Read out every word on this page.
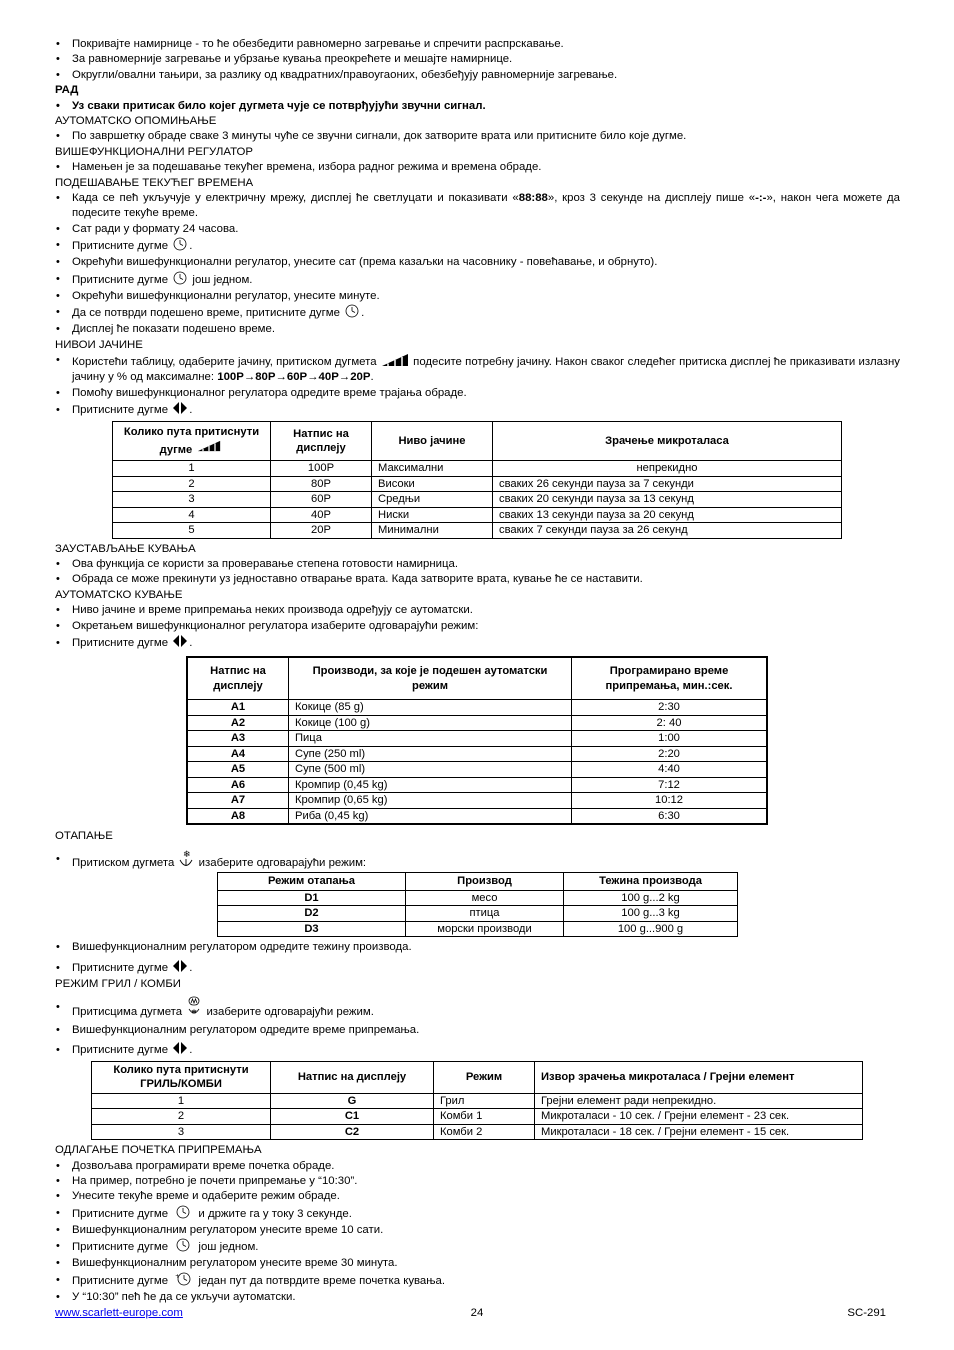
• Покривајте намирнице - то ће обезбедити равномерно загревање и спречити распрскавање.
• За равномерније загревање и убрзање кувања преокрећете и мешајте намирнице.
• Округли/овални тањири, за разлику од квадратних/правоугаоних, обезбеђују равномерније загревање.
РАД
• Уз сваки притисак било којег дугмета чује се потврђујући звучни сигнал.
АУТОМАТСКО ОПОМИЊАЊЕ
• По завршетку обраде сваке 3 минуты чуће се звучни сигнали, док затворите врата или притисните било које дугме.
ВИШЕФУНКЦИОНАЛНИ РЕГУЛАТОР
• Намењен је за подешавање текућег времена, избора радног режима и времена обраде.
ПОДЕШАВАЊЕ ТЕКУЋЕГ ВРЕМЕНА
• Када се пећ укључује у електричну мрежу, дисплеј ће светлуцати и показивати «88:88», кроз 3 секунде на дисплеју пише «-:-», након чега можете да подесите текуће време.
• Сат ради у формату 24 часова.
• Притисните дугме .
• Окрећући вишефункционални регулатор, унесите сат (према казаљки на часовнику - повећавање, и обрнуто).
• Притисните дугме још једном.
• Окрећући вишефункционални регулатор, унесите минуте.
• Да се потврди подешено време, притисните дугме .
• Дисплеј ће показати подешено време.
НИВОИ ЈАЧИНЕ
• Користећи таблицу, одаберите јачину, притиском дугмета	подесите потребну јачину. Након сваког следећег притиска дисплеј ће приказивати излазну јачину у % од максималне: 100P→80P→60P→40P→20P.
• Помоћу вишефункционалног регулатора одредите време трајања обраде.
• Притисните дугме .
Колико пута притиснути дугме	Натпис на дисплеју	Ниво јачине	Зрачење микроталаса
1	100P	Максимални	непрекидно
2	80P	Високи	сваких 26 секунди пауза за 7 секунди
3	60P	Средњи	сваких 20 секунди пауза за 13 секунд
4	40P	Ниски	сваких 13 секунди пауза за 20 секунд
5	20P	Минимални	сваких 7 секунди пауза за 26 секунд
ЗАУСТАВЉАЊЕ КУВАЊА
• Ова функција се користи за проверавање степена готовости намирница.
• Обрада се може прекинути уз једноставно отварање врата. Када затворите врата, кување ће се наставити.
АУТОМАТСКО КУВАЊЕ
• Ниво јачине и време припремања неких производа одређују се аутоматски.
• Окретањем вишефункционалног регулатора изаберите одговарајући режим:
• Притисните дугме .
Натпис на дисплеју	Производи, за које је подешен аутоматски режим	Програмирано време припремања, мин.:сек.
A1	Кокице (85 g)	2:30
A2	Кокице (100 g)	2: 40
A3	Пица	1:00
A4	Супе (250 ml)	2:20
A5	Супе (500 ml)	4:40
A6	Кромпир (0,45 kg)	7:12
A7	Кромпир (0,65 kg)	10:12
A8	Риба (0,45 kg)	6:30
ОТАПАЊЕ
• Притиском дугмета
❄
изаберите одговарајући режим:
Режим отапања	Производ	Тежина производа
D1	месо	100 g...2 kg
D2	птица	100 g...3 kg
D3	морски производи	100 g...900 g
• Вишефункционалним регулатором одредите тежину производа.
• Притисните дугме .
РЕЖИМ ГРИЛ / КОМБИ
• Притисцима дугмета изаберите одговарајући режим.
• Вишефункционалним регулатором одредите време припремања.
• Притисните дугме .
Колико пута притиснути ГРИЛЬ/КОМБИ	Натпис на дисплеју	Режим	Извор зрачења микроталаса / Грејни елемент
1	G	Грил	Грејни елемент ради непрекидно.
2	C1	Комби 1	Микроталаси - 10 сек. / Грејни елемент - 23 сек.
3	C2	Комби 2	Микроталаси - 18 сек. / Грејни елемент - 15 сек.
ОДЛАГАЊЕ ПОЧЕТКА ПРИПРЕМАЊА
• Дозвољава програмирати време почетка обраде.
• На пример, потребно је почети припремање у “10:30”.
• Унесите текуће време и одаберите режим обраде.
• Притисните дугме	и држите га у току 3 секунде.
• Вишефункционалним регулатором унесите време 10 сати.
• Притисните дугме	још једном.
• Вишефункционалним регулатором унесите време 30 минута.
• Притисните дугме + један пут да потврдите време почетка кувања.
• У “10:30” пећ ће да се укључи аутоматски.
www.scarlett-europe.com	24	SC-291
